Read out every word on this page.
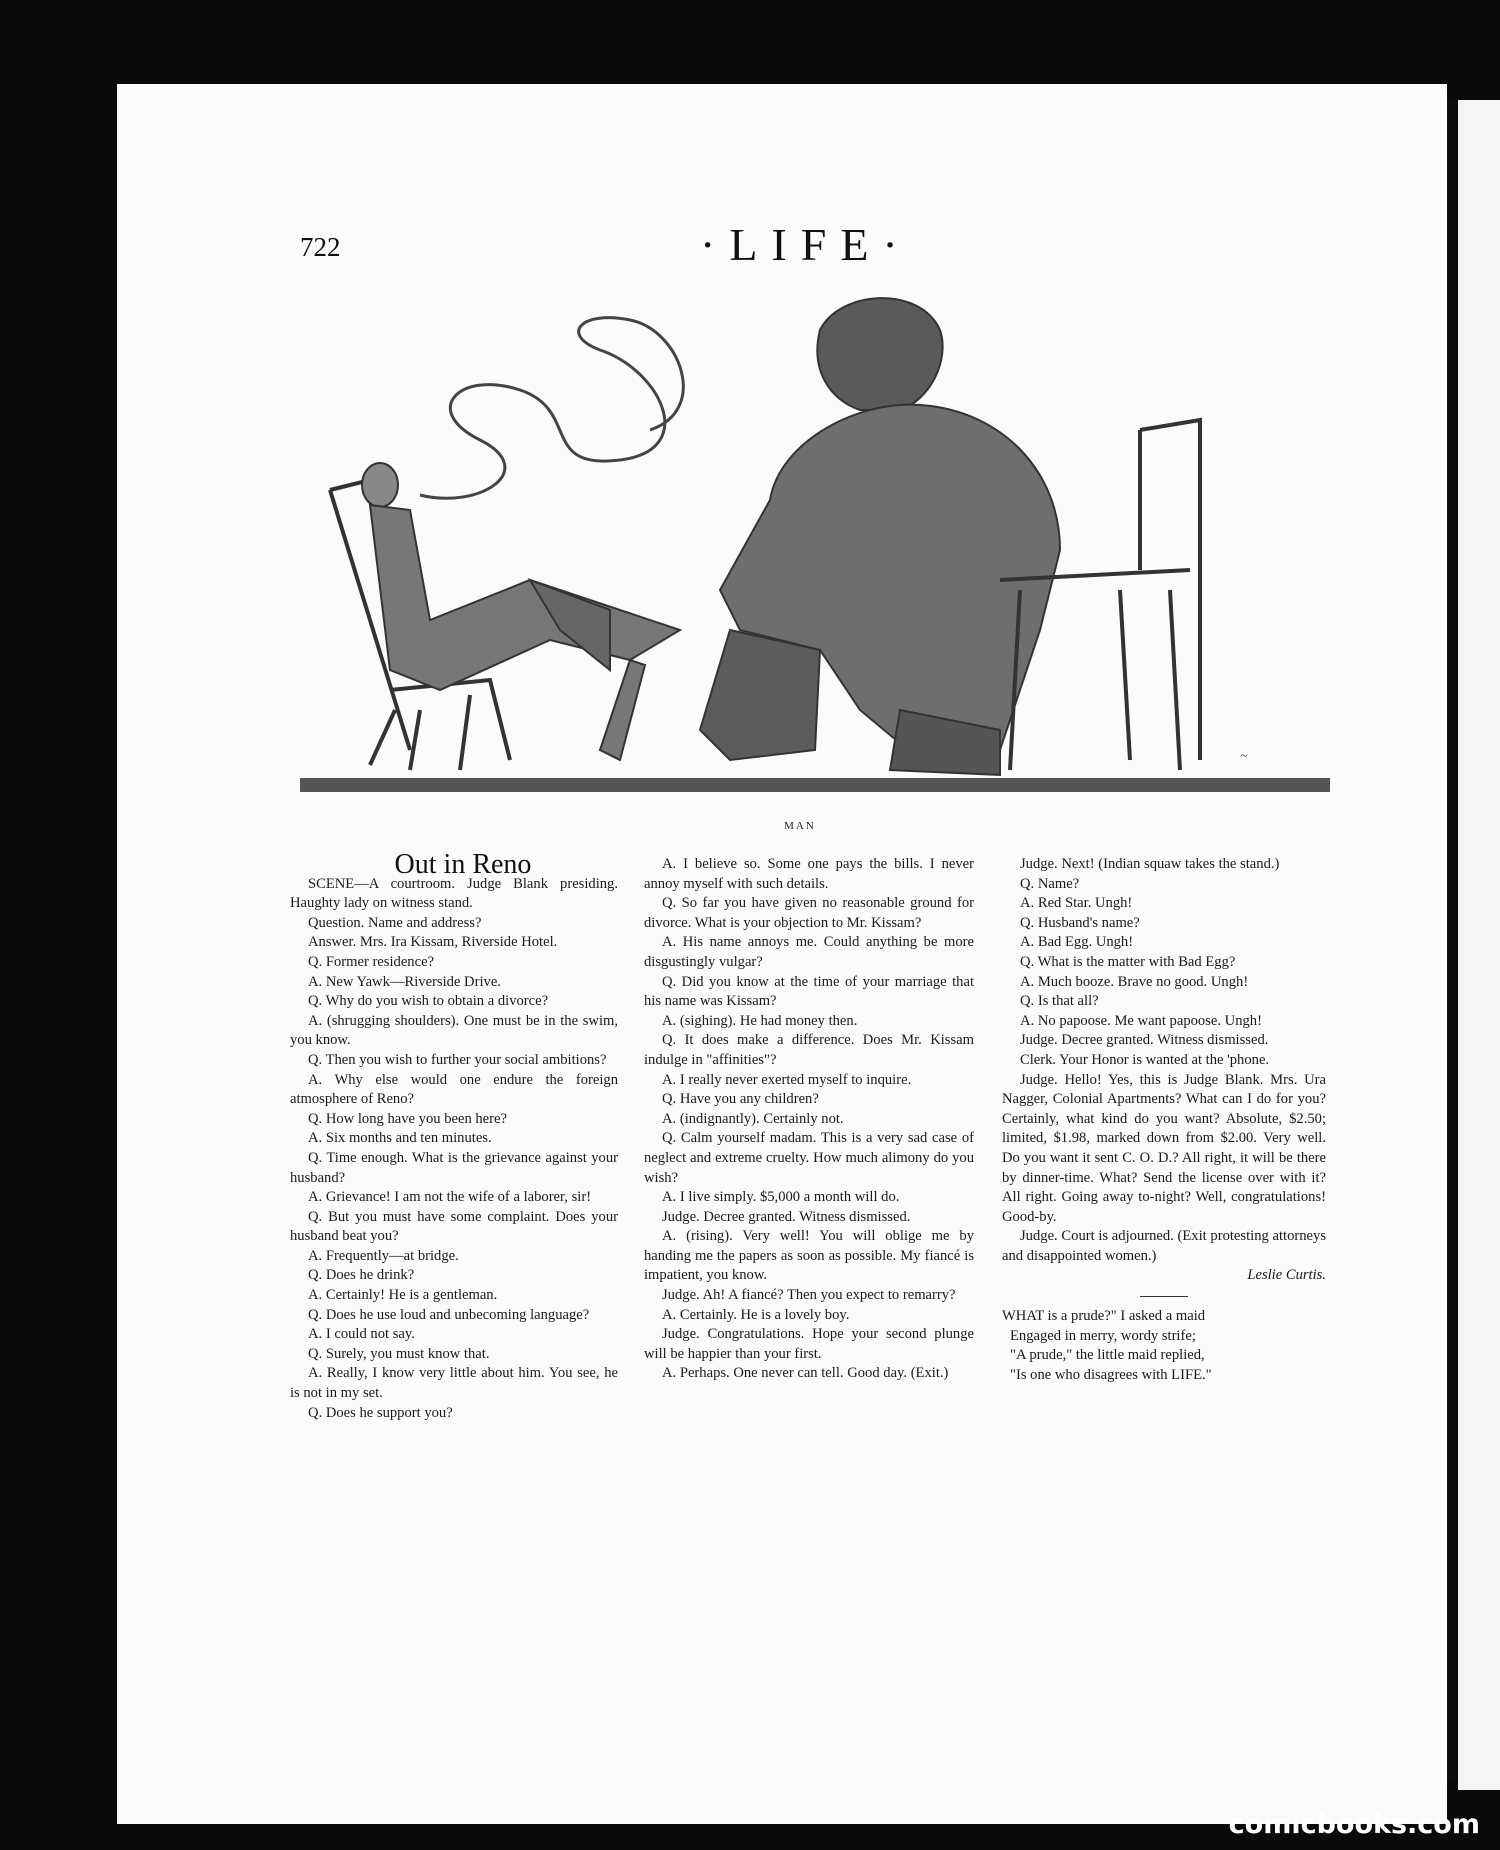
722	·LIFE·
~
MAN

Out in Reno

SCENE—A courtroom. Judge Blank presiding. Haughty lady on witness stand.

Question. Name and address?

Answer. Mrs. Ira Kissam, Riverside Hotel.

Q. Former residence?

A. New Yawk—Riverside Drive.

Q. Why do you wish to obtain a divorce?

A. (shrugging shoulders). One must be in the swim, you know.

Q. Then you wish to further your social ambitions?

A. Why else would one endure the foreign atmosphere of Reno?

Q. How long have you been here?

A. Six months and ten minutes.

Q. Time enough. What is the grievance against your husband?

A. Grievance! I am not the wife of a laborer, sir!

Q. But you must have some complaint. Does your husband beat you?

A. Frequently—at bridge.

Q. Does he drink?

A. Certainly! He is a gentleman.

Q. Does he use loud and unbecoming language?

A. I could not say.

Q. Surely, you must know that.

A. Really, I know very little about him. You see, he is not in my set.

Q. Does he support you?

A. I believe so. Some one pays the bills. I never annoy myself with such details.

Q. So far you have given no reasonable ground for divorce. What is your objection to Mr. Kissam?

A. His name annoys me. Could anything be more disgustingly vulgar?

Q. Did you know at the time of your marriage that his name was Kissam?

A. (sighing). He had money then.

Q. It does make a difference. Does Mr. Kissam indulge in "affinities"?

A. I really never exerted myself to inquire.

Q. Have you any children?

A. (indignantly). Certainly not.

Q. Calm yourself madam. This is a very sad case of neglect and extreme cruelty. How much alimony do you wish?

A. I live simply. $5,000 a month will do.

Judge. Decree granted. Witness dismissed.

A. (rising). Very well! You will oblige me by handing me the papers as soon as possible. My fiancé is impatient, you know.

Judge. Ah! A fiancé? Then you expect to remarry?

A. Certainly. He is a lovely boy.

Judge. Congratulations. Hope your second plunge will be happier than your first.

A. Perhaps. One never can tell. Good day. (Exit.)

Judge. Next! (Indian squaw takes the stand.)

Q. Name?

A. Red Star. Ungh!

Q. Husband's name?

A. Bad Egg. Ungh!

Q. What is the matter with Bad Egg?

A. Much booze. Brave no good. Ungh!

Q. Is that all?

A. No papoose. Me want papoose. Ungh!

Judge. Decree granted. Witness dismissed.

Clerk. Your Honor is wanted at the 'phone.

Judge. Hello! Yes, this is Judge Blank. Mrs. Ura Nagger, Colonial Apartments? What can I do for you? Certainly, what kind do you want? Absolute, $2.50; limited, $1.98, marked down from $2.00. Very well. Do you want it sent C. O. D.? All right, it will be there by dinner-time. What? Send the license over with it? All right. Going away to-night? Well, congratulations! Good-by.

Judge. Court is adjourned. (Exit protesting attorneys and disappointed women.)

Leslie Curtis.

WHAT is a prude?" I asked a maid

Engaged in merry, wordy strife;

"A prude," the little maid replied,

"Is one who disagrees with LIFE."

comicbooks.com
